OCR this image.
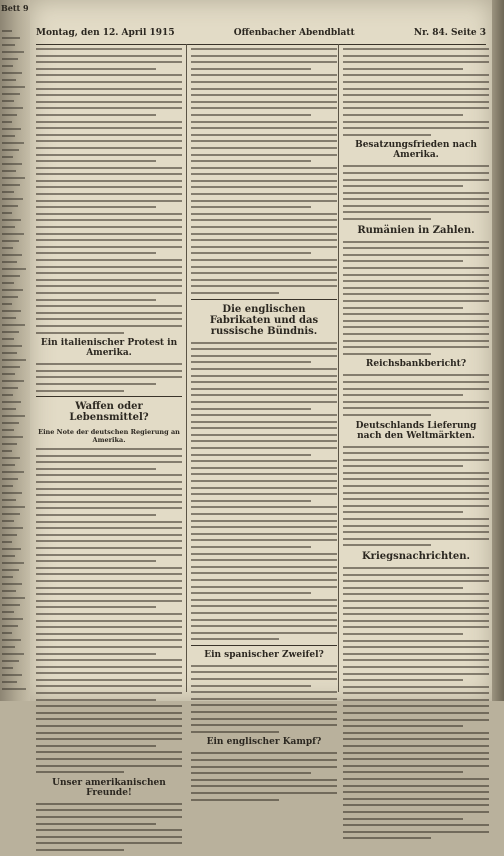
Bett 9
Montag, den 12. April 1915	Offenbacher Abendblatt	Nr. 84. Seite 3
Ein italienischer Protest in Amerika.
Waffen oder Lebensmittel?
Eine Note der deutschen Regierung an Amerika.
Unser amerikanischen Freunde!
Die englischen Fabrikaten und das russische Bündnis.
Ein spanischer Zweifel?
Ein englischer Kampf?
Besatzungsfrieden nach Amerika.
Rumänien in Zahlen.
Reichsbankbericht?
Deutschlands Lieferung nach den Weltmärkten.
Kriegsnachrichten.
